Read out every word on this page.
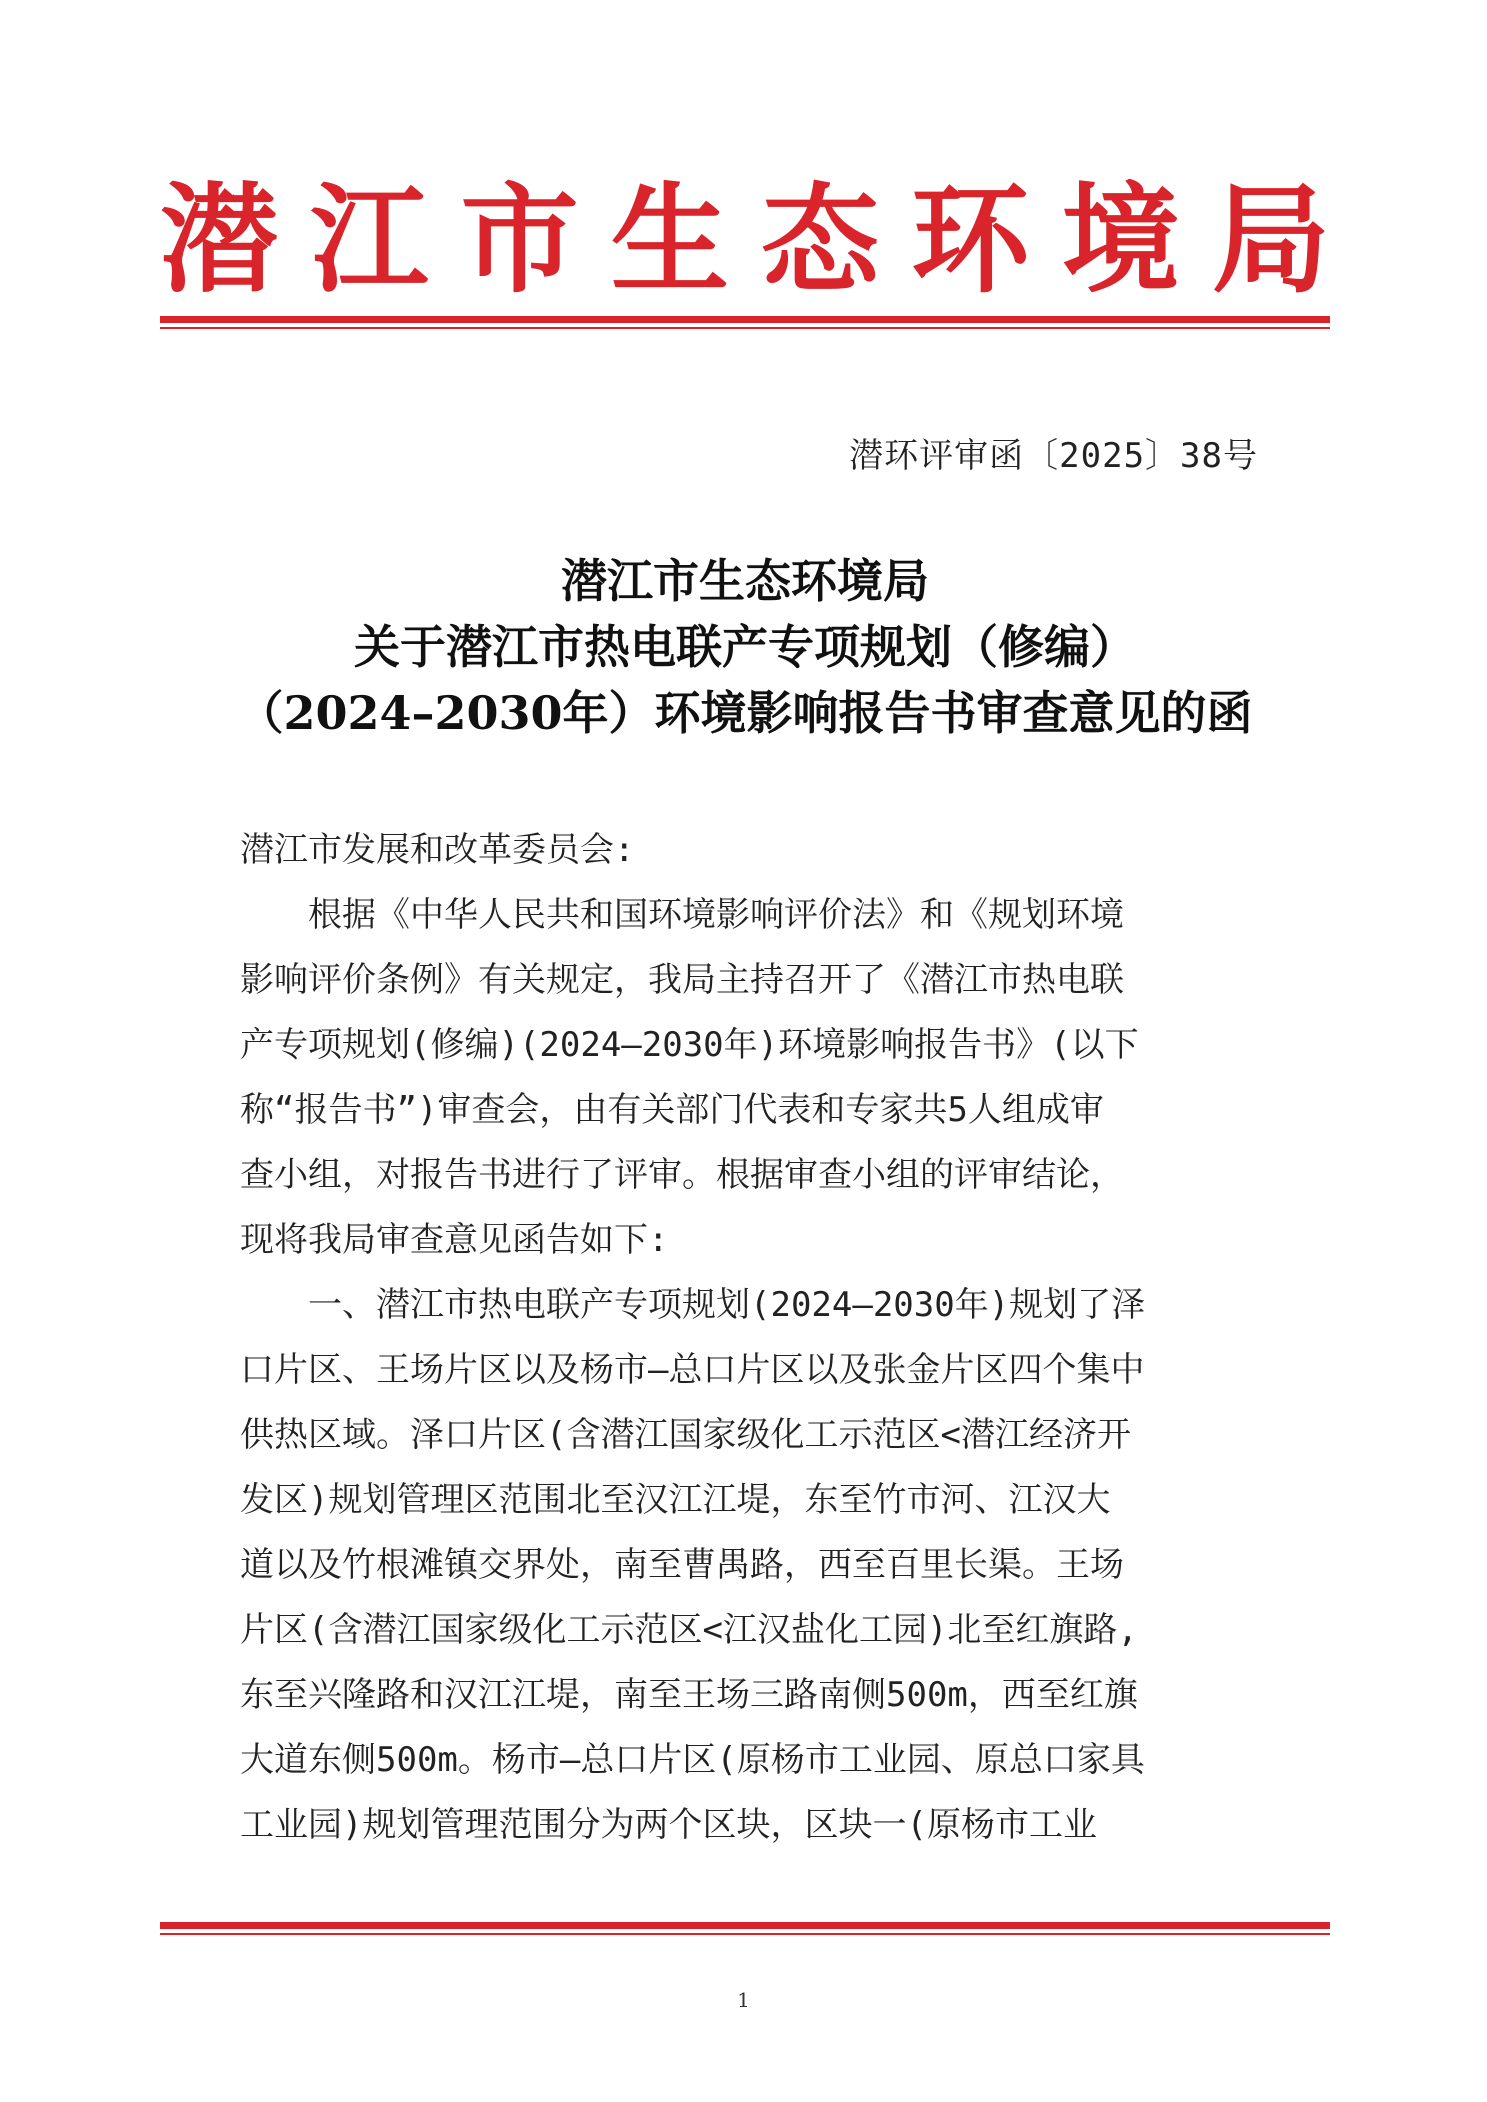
潜 江 市 生 态 环 境 局
潜环评审函〔2025〕38号
潜江市生态环境局
关于潜江市热电联产专项规划（修编）
（2024–2030年）环境影响报告书审查意见的函
潜江市发展和改革委员会:
　　根据《中华人民共和国环境影响评价法》和《规划环境
影响评价条例》有关规定，我局主持召开了《潜江市热电联
产专项规划(修编)(2024–2030年)环境影响报告书》(以下
称“报告书”)审查会，由有关部门代表和专家共5人组成审
查小组，对报告书进行了评审。根据审查小组的评审结论，
现将我局审查意见函告如下:
　　一、潜江市热电联产专项规划(2024–2030年)规划了泽
口片区、王场片区以及杨市–总口片区以及张金片区四个集中
供热区域。泽口片区(含潜江国家级化工示范区<潜江经济开
发区)规划管理区范围北至汉江江堤，东至竹市河、江汉大
道以及竹根滩镇交界处，南至曹禺路，西至百里长渠。王场
片区(含潜江国家级化工示范区<江汉盐化工园)北至红旗路,
东至兴隆路和汉江江堤，南至王场三路南侧500m，西至红旗
大道东侧500m。杨市–总口片区(原杨市工业园、原总口家具
工业园)规划管理范围分为两个区块，区块一(原杨市工业
1
